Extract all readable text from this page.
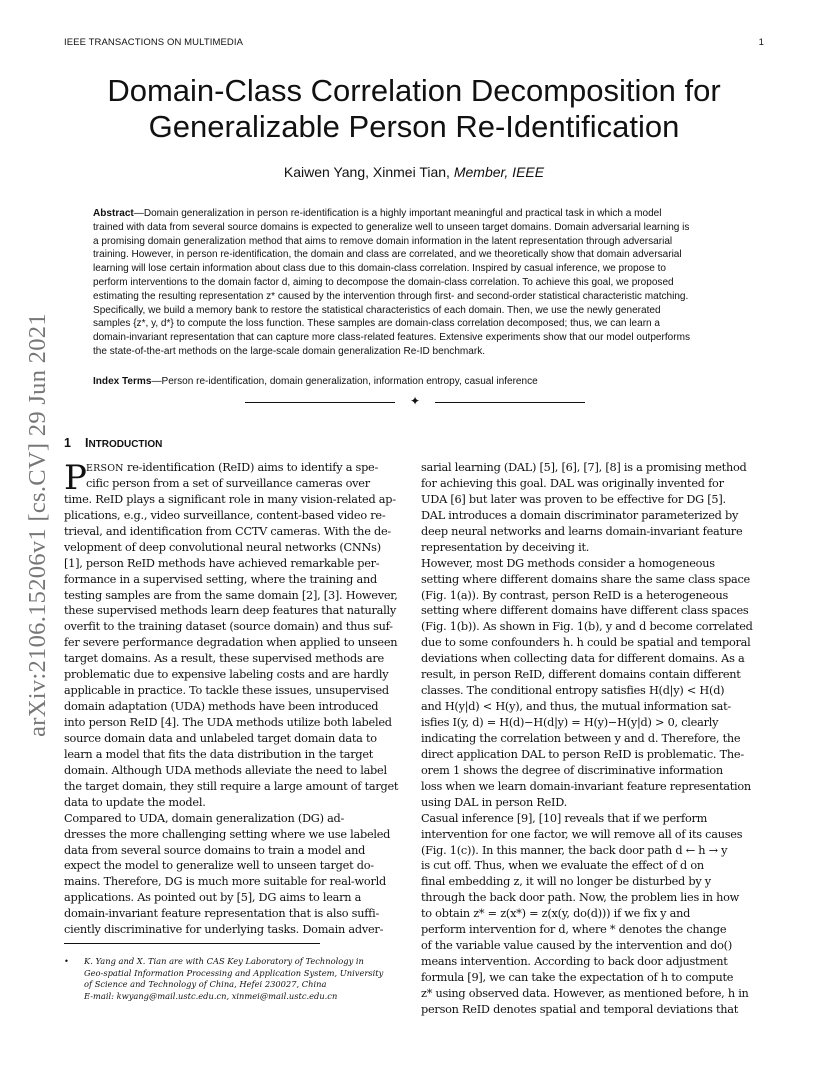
IEEE TRANSACTIONS ON MULTIMEDIA	1
arXiv:2106.15206v1 [cs.CV] 29 Jun 2021
Domain-Class Correlation Decomposition for
Generalizable Person Re-Identification
Kaiwen Yang, Xinmei Tian, Member, IEEE
Abstract—Domain generalization in person re-identification is a highly important meaningful and practical task in which a model
trained with data from several source domains is expected to generalize well to unseen target domains. Domain adversarial learning is
a promising domain generalization method that aims to remove domain information in the latent representation through adversarial
training. However, in person re-identification, the domain and class are correlated, and we theoretically show that domain adversarial
learning will lose certain information about class due to this domain-class correlation. Inspired by casual inference, we propose to
perform interventions to the domain factor d, aiming to decompose the domain-class correlation. To achieve this goal, we proposed
estimating the resulting representation z* caused by the intervention through first- and second-order statistical characteristic matching.
Specifically, we build a memory bank to restore the statistical characteristics of each domain. Then, we use the newly generated
samples {z*, y, d*} to compute the loss function. These samples are domain-class correlation decomposed; thus, we can learn a
domain-invariant representation that can capture more class-related features. Extensive experiments show that our model outperforms
the state-of-the-art methods on the large-scale domain generalization Re-ID benchmark.
Index Terms—Person re-identification, domain generalization, information entropy, casual inference
✦
1 INTRODUCTION
P ERSON re-identification (ReID) aims to identify a spe-
cific person from a set of surveillance cameras over
time. ReID plays a significant role in many vision-related ap-
plications, e.g., video surveillance, content-based video re-
trieval, and identification from CCTV cameras. With the de-
velopment of deep convolutional neural networks (CNNs)
[1], person ReID methods have achieved remarkable per-
formance in a supervised setting, where the training and
testing samples are from the same domain [2], [3]. However,
these supervised methods learn deep features that naturally
overfit to the training dataset (source domain) and thus suf-
fer severe performance degradation when applied to unseen
target domains. As a result, these supervised methods are
problematic due to expensive labeling costs and are hardly
applicable in practice. To tackle these issues, unsupervised
domain adaptation (UDA) methods have been introduced
into person ReID [4]. The UDA methods utilize both labeled
source domain data and unlabeled target domain data to
learn a model that fits the data distribution in the target
domain. Although UDA methods alleviate the need to label
the target domain, they still require a large amount of target
data to update the model.
Compared to UDA, domain generalization (DG) ad-
dresses the more challenging setting where we use labeled
data from several source domains to train a model and
expect the model to generalize well to unseen target do-
mains. Therefore, DG is much more suitable for real-world
applications. As pointed out by [5], DG aims to learn a
domain-invariant feature representation that is also suffi-
ciently discriminative for underlying tasks. Domain adver-
•	K. Yang and X. Tian are with CAS Key Laboratory of Technology in
Geo-spatial Information Processing and Application System, University
of Science and Technology of China, Hefei 230027, China
E-mail: kwyang@mail.ustc.edu.cn, xinmei@mail.ustc.edu.cn
sarial learning (DAL) [5], [6], [7], [8] is a promising method
for achieving this goal. DAL was originally invented for
UDA [6] but later was proven to be effective for DG [5].
DAL introduces a domain discriminator parameterized by
deep neural networks and learns domain-invariant feature
representation by deceiving it.
However, most DG methods consider a homogeneous
setting where different domains share the same class space
(Fig. 1(a)). By contrast, person ReID is a heterogeneous
setting where different domains have different class spaces
(Fig. 1(b)). As shown in Fig. 1(b), y and d become correlated
due to some confounders h. h could be spatial and temporal
deviations when collecting data for different domains. As a
result, in person ReID, different domains contain different
classes. The conditional entropy satisfies H(d|y) < H(d)
and H(y|d) < H(y), and thus, the mutual information sat-
isfies I(y, d) = H(d)−H(d|y) = H(y)−H(y|d) > 0, clearly
indicating the correlation between y and d. Therefore, the
direct application DAL to person ReID is problematic. The-
orem 1 shows the degree of discriminative information
loss when we learn domain-invariant feature representation
using DAL in person ReID.
Casual inference [9], [10] reveals that if we perform
intervention for one factor, we will remove all of its causes
(Fig. 1(c)). In this manner, the back door path d ← h → y
is cut off. Thus, when we evaluate the effect of d on
final embedding z, it will no longer be disturbed by y
through the back door path. Now, the problem lies in how
to obtain z* = z(x*) = z(x(y, do(d))) if we fix y and
perform intervention for d, where * denotes the change
of the variable value caused by the intervention and do()
means intervention. According to back door adjustment
formula [9], we can take the expectation of h to compute
z* using observed data. However, as mentioned before, h in
person ReID denotes spatial and temporal deviations that
